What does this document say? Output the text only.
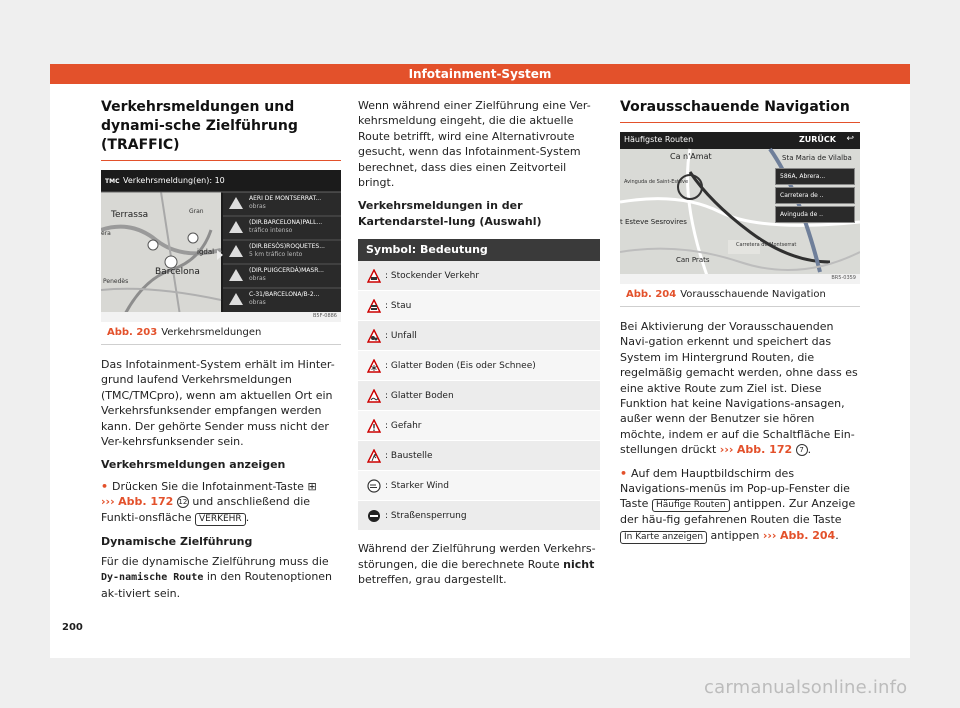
Infotainment-System
Verkehrsmeldungen und dynami-sche Zielführung (TRAFFIC)
TMC Verkehrsmeldung(en): 10
Terrassa	Gran
era
igdal
Barcelona
Penedès
AERI DE MONTSERRAT...
obras
(DIR.BARCELONA)PALL...
tráfico intenso
(DIR.BESÒS)ROQUETES...
5 km tráfico lento
(DIR.PUIGCERDÀ)MASR...
obras
C-31/BARCELONA/B-2...
obras
B5F-0886
Abb. 203 Verkehrsmeldungen

Das Infotainment-System erhält im Hinter-grund laufend Verkehrsmeldungen (TMC/TMCpro), wenn am aktuellen Ort ein Verkehrsfunksender empfangen werden kann. Der gehörte Sender muss nicht der Ver-kehrsfunksender sein.

Verkehrsmeldungen anzeigen

• Drücken Sie die Infotainment-Taste ⊞
››› Abb. 172 12 und anschließend die Funkti-onsfläche VERKEHR .

Dynamische Zielführung

Für die dynamische Zielführung muss die Dy-namische Route in den Routenoptionen ak-tiviert sein.

Wenn während einer Zielführung eine Ver-kehrsmeldung eingeht, die die aktuelle Route betrifft, wird eine Alternativroute gesucht, wenn das Infotainment-System berechnet, dass dies einen Zeitvorteil bringt.

Verkehrsmeldungen in der Kartendarstel-lung (Auswahl)
Symbol: Bedeutung
: Stockender Verkehr
: Stau
: Unfall
: Glatter Boden (Eis oder Schnee)
: Glatter Boden
: Gefahr
: Baustelle
: Starker Wind
: Straßensperrung

Während der Zielführung werden Verkehrs-störungen, die die berechnete Route nicht betreffen, grau dargestellt.

Vorausschauende Navigation
Häufigste Routen	ZURÜCK ↩
Ca n'Amat	Sta Maria de Vilalba
Avinguda de Saint-Esteve
t Esteve Sesrovires
Carretera de Montserrat
Can Prats
586A, Abrera...
Carretera de ..
Avinguda de ..
BR5-0359
Abb. 204 Vorausschauende Navigation

Bei Aktivierung der Vorausschauenden Navi-gation erkennt und speichert das System im Hintergrund Routen, die regelmäßig gemacht werden, ohne dass es eine aktive Route zum Ziel ist. Diese Funktion hat keine Navigations-ansagen, außer wenn der Benutzer sie hören möchte, indem er auf die Schaltfläche Ein-stellungen drückt ››› Abb. 172 7 .

• Auf dem Hauptbildschirm des Navigations-menüs im Pop-up-Fenster die Taste Häufige Routen antippen. Zur Anzeige der häu-fig gefahrenen Routen die Taste In Karte anzeigen antippen ››› Abb. 204.

200
carmanualsonline.info
